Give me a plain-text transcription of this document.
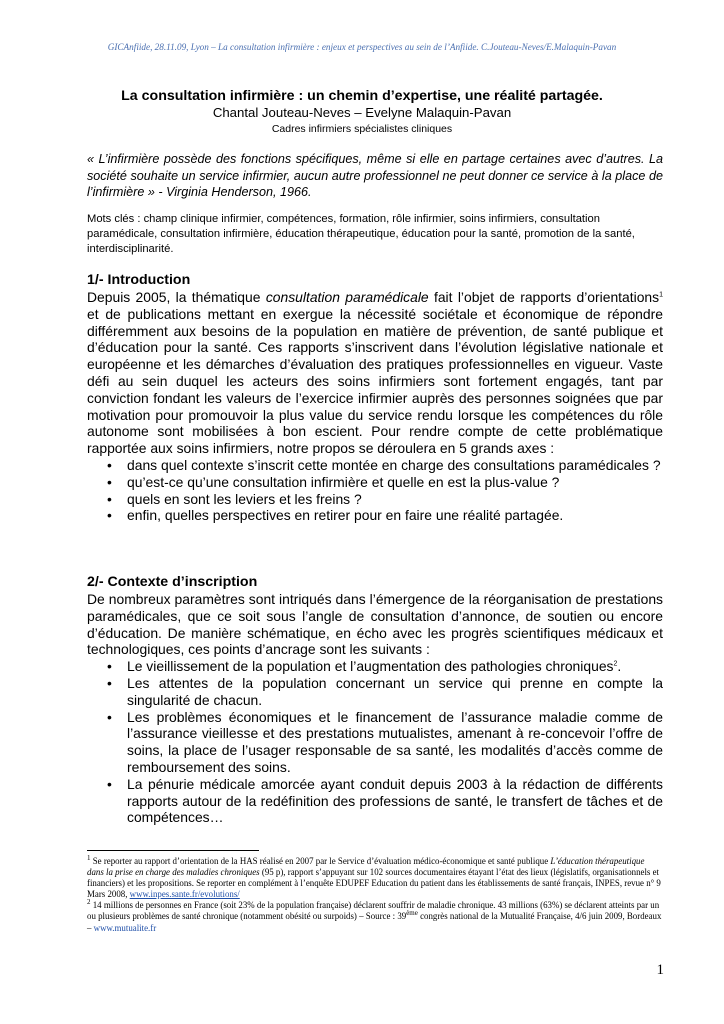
GICAnfiide, 28.11.09, Lyon – La consultation infirmière : enjeux et perspectives au sein de l’Anfiide. C.Jouteau-Neves/E.Malaquin-Pavan
La consultation infirmière : un chemin d’expertise, une réalité partagée.
Chantal Jouteau-Neves – Evelyne Malaquin-Pavan
Cadres infirmiers spécialistes cliniques
« L’infirmière possède des fonctions spécifiques, même si elle en partage certaines avec d’autres. La société souhaite un service infirmier, aucun autre professionnel ne peut donner ce service à la place de l’infirmière » - Virginia Henderson, 1966.
Mots clés : champ clinique infirmier, compétences, formation, rôle infirmier, soins infirmiers, consultation paramédicale, consultation infirmière, éducation thérapeutique, éducation pour la santé, promotion de la santé, interdisciplinarité.
1/- Introduction

Depuis 2005, la thématique consultation paramédicale fait l’objet de rapports d’orientations$^1$ et de publications mettant en exergue la nécessité sociétale et économique de répondre différemment aux besoins de la population en matière de prévention, de santé publique et d’éducation pour la santé. Ces rapports s’inscrivent dans l’évolution législative nationale et européenne et les démarches d’évaluation des pratiques professionnelles en vigueur. Vaste défi au sein duquel les acteurs des soins infirmiers sont fortement engagés, tant par conviction fondant les valeurs de l’exercice infirmier auprès des personnes soignées que par motivation pour promouvoir la plus value du service rendu lorsque les compétences du rôle autonome sont mobilisées à bon escient. Pour rendre compte de cette problématique rapportée aux soins infirmiers, notre propos se déroulera en 5 grands axes :

• dans quel contexte s’inscrit cette montée en charge des consultations paramédicales ?
• qu’est-ce qu’une consultation infirmière et quelle en est la plus-value ?
• quels en sont les leviers et les freins ?
• enfin, quelles perspectives en retirer pour en faire une réalité partagée.
2/- Contexte d’inscription

De nombreux paramètres sont intriqués dans l’émergence de la réorganisation de prestations paramédicales, que ce soit sous l’angle de consultation d’annonce, de soutien ou encore d’éducation. De manière schématique, en écho avec les progrès scientifiques médicaux et technologiques, ces points d’ancrage sont les suivants :

• Le vieillissement de la population et l’augmentation des pathologies chroniques$^2$.
• Les attentes de la population concernant un service qui prenne en compte la singularité de chacun.
• Les problèmes économiques et le financement de l’assurance maladie comme de l’assurance vieillesse et des prestations mutualistes, amenant à re-concevoir l’offre de soins, la place de l’usager responsable de sa santé, les modalités d’accès comme de remboursement des soins.
• La pénurie médicale amorcée ayant conduit depuis 2003 à la rédaction de différents rapports autour de la redéfinition des professions de santé, le transfert de tâches et de compétences…
$^1$ Se reporter au rapport d’orientation de la HAS réalisé en 2007 par le Service d’évaluation médico-économique et santé publique L’éducation thérapeutique dans la prise en charge des maladies chroniques (95 p), rapport s’appuyant sur 102 sources documentaires étayant l’état des lieux (législatifs, organisationnels et financiers) et les propositions. Se reporter en complément à l’enquête EDUPEF Education du patient dans les établissements de santé français, INPES, revue n° 9 Mars 2008, www.inpes.sante.fr/evolutions/
$^2$ 14 millions de personnes en France (soit 23% de la population française) déclarent souffrir de maladie chronique. 43 millions (63%) se déclarent atteints par un ou plusieurs problèmes de santé chronique (notamment obésité ou surpoids) – Source : 39ème congrès national de la Mutualité Française, 4/6 juin 2009, Bordeaux – www.mutualite.fr
1
